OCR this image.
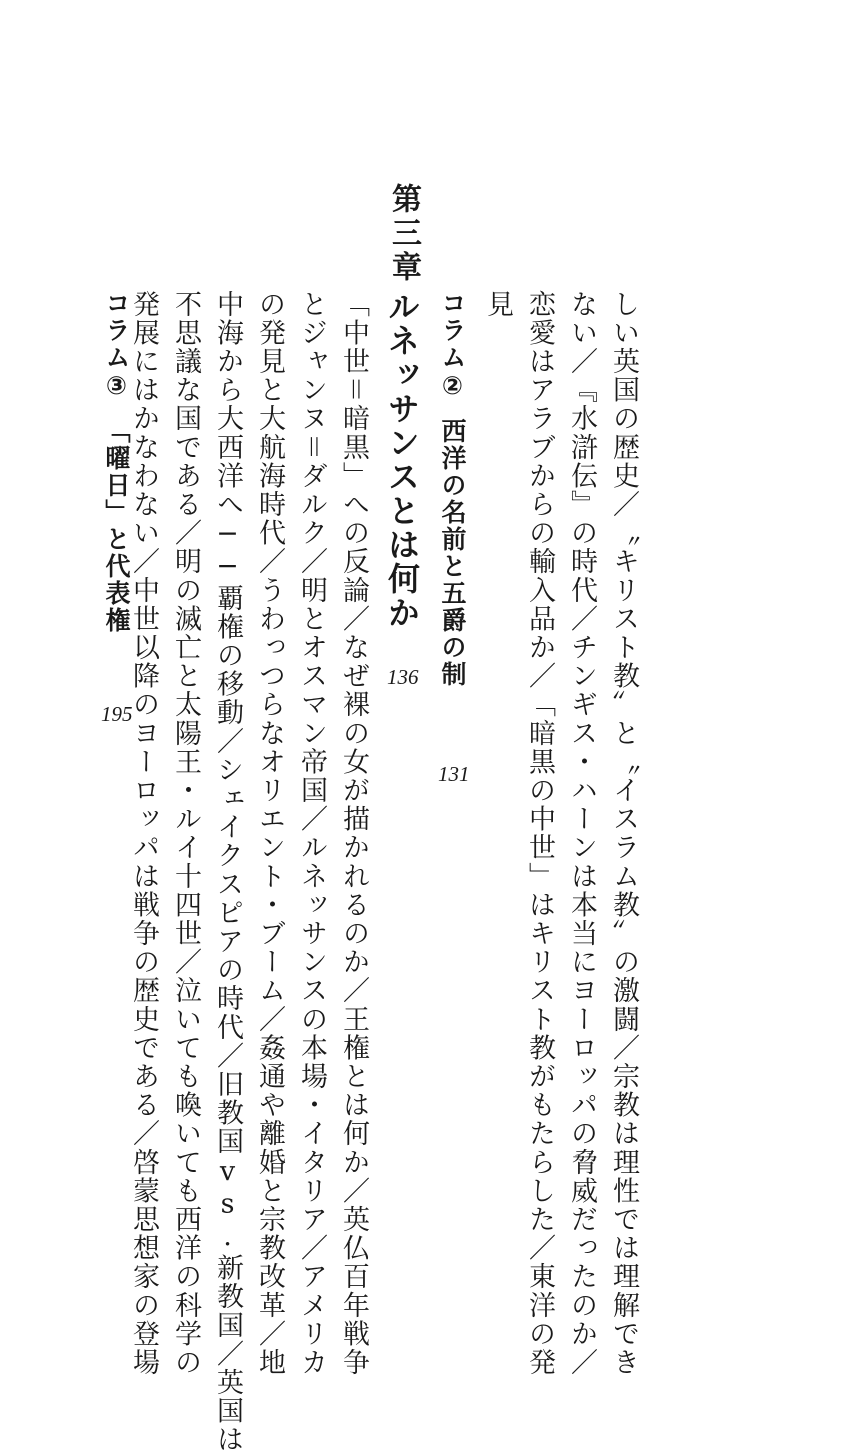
しい英国の歴史／〝キリスト教〟と〝イスラム教〟の激闘／宗教は理性では理解でき
ない／『水滸伝』の時代／チンギス・ハーンは本当にヨーロッパの脅威だったのか／
恋愛はアラブからの輸入品か／「暗黒の中世」はキリスト教がもたらした／東洋の発
見
コラム②西洋の名前と五爵の制
131
第三章
ルネッサンスとは何か
136
「中世＝暗黒」への反論／なぜ裸の女が描かれるのか／王権とは何か／英仏百年戦争
とジャンヌ＝ダルク／明とオスマン帝国／ルネッサンスの本場・イタリア／アメリカ
の発見と大航海時代／うわっつらなオリエント・ブーム／姦通や離婚と宗教改革／地
中海から大西洋へ──覇権の移動／シェイクスピアの時代／旧教国vs.新教国／英国は
不思議な国である／明の滅亡と太陽王・ルイ十四世／泣いても喚いても西洋の科学の
発展にはかなわない／中世以降のヨーロッパは戦争の歴史である／啓蒙思想家の登場
コラム③「曜日」と代表権
195
